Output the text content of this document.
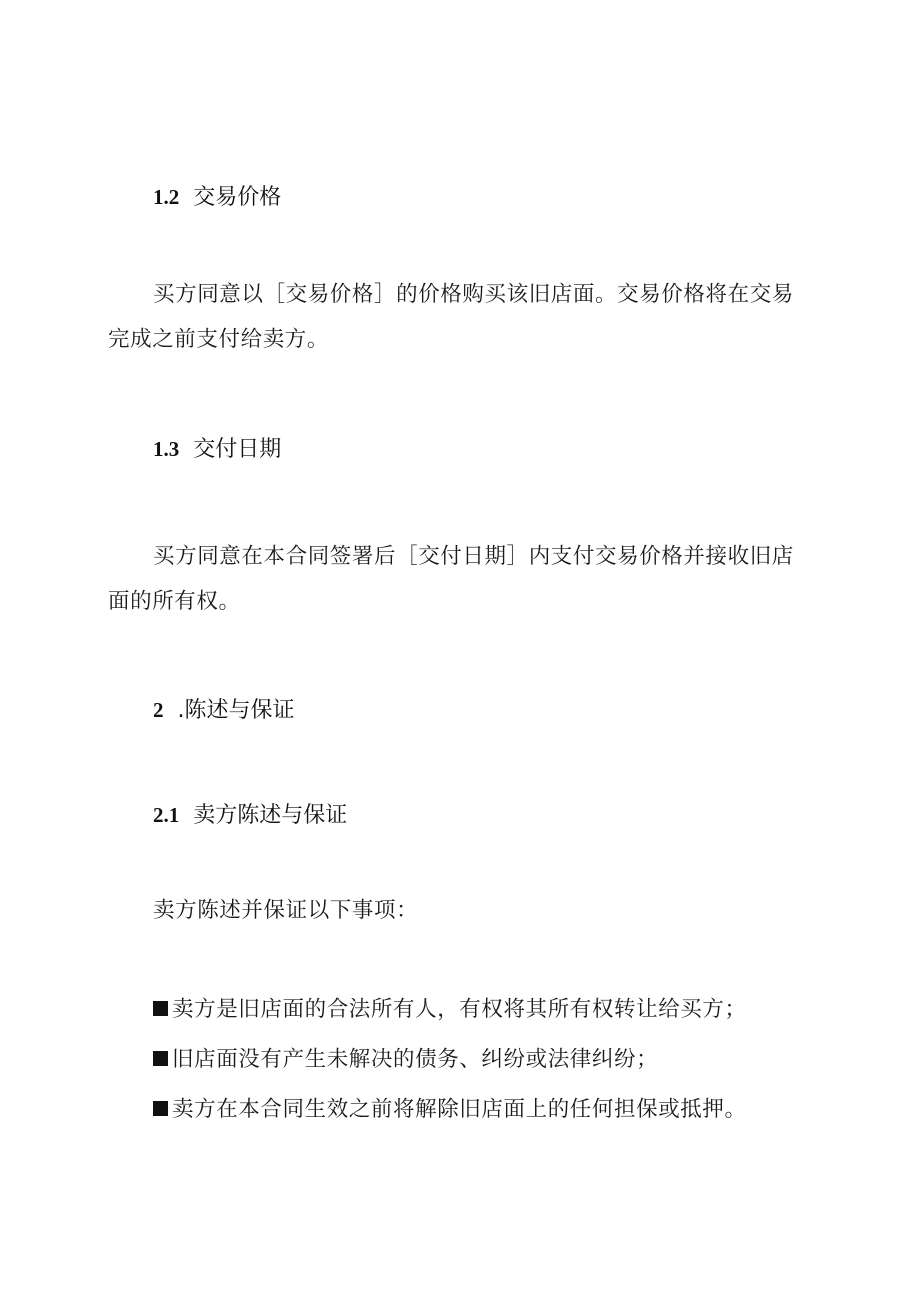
1.2 交易价格
买方同意以［交易价格］的价格购买该旧店面。交易价格将在交易完成之前支付给卖方。
1.3 交付日期
买方同意在本合同签署后［交付日期］内支付交易价格并接收旧店面的所有权。
2 .陈述与保证
2.1 卖方陈述与保证
卖方陈述并保证以下事项：
卖方是旧店面的合法所有人，有权将其所有权转让给买方；
旧店面没有产生未解决的债务、纠纷或法律纠纷；
卖方在本合同生效之前将解除旧店面上的任何担保或抵押。
